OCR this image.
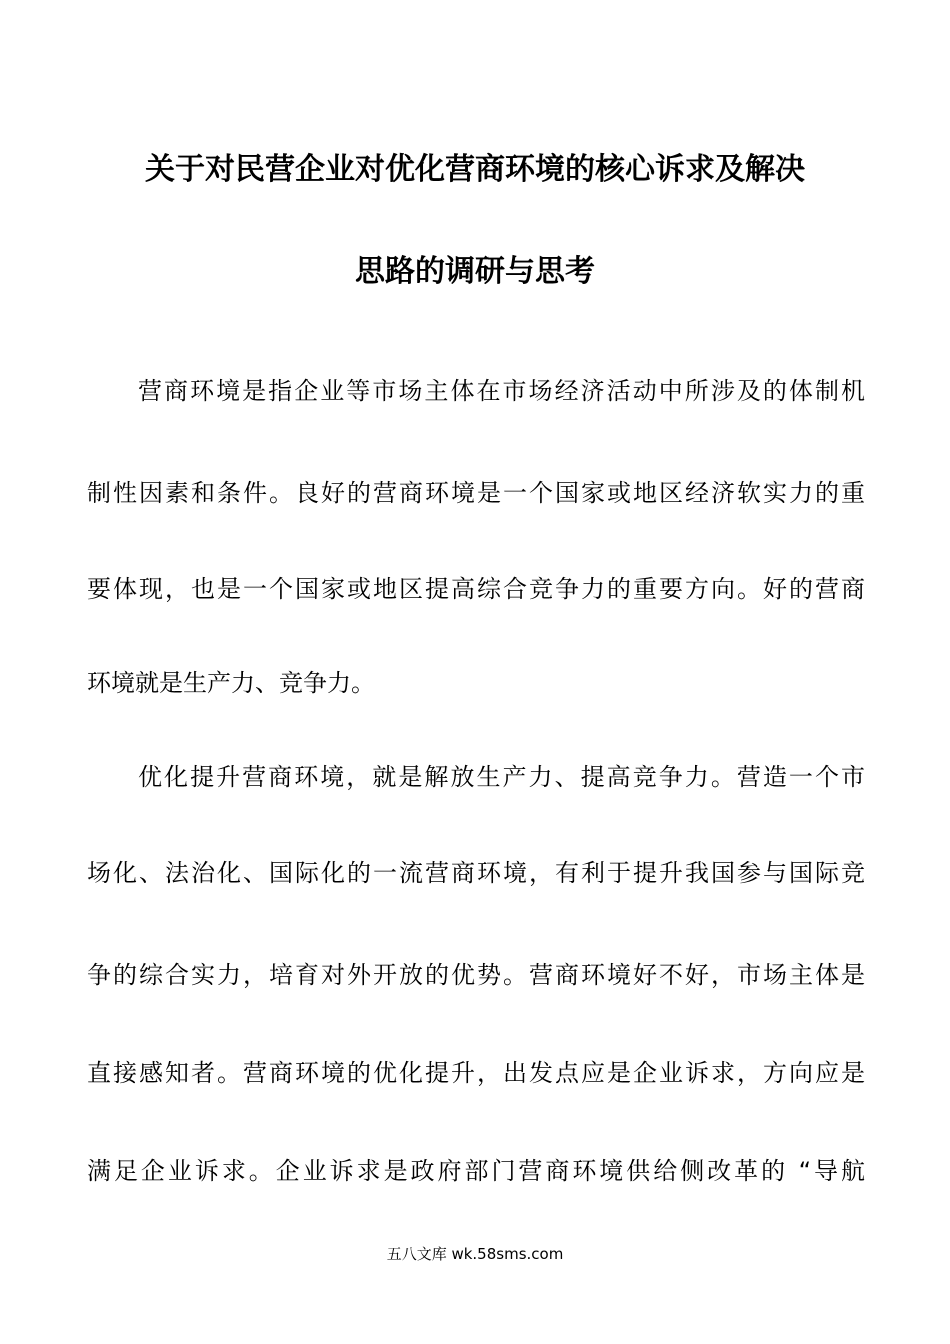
关于对民营企业对优化营商环境的核心诉求及解决
思路的调研与思考
营商环境是指企业等市场主体在市场经济活动中所涉及的体制机
制性因素和条件。良好的营商环境是一个国家或地区经济软实力的重
要体现，也是一个国家或地区提高综合竞争力的重要方向。好的营商
环境就是生产力、竞争力。
优化提升营商环境，就是解放生产力、提高竞争力。营造一个市
场化、法治化、国际化的一流营商环境，有利于提升我国参与国际竞
争的综合实力，培育对外开放的优势。营商环境好不好，市场主体是
直接感知者。营商环境的优化提升，出发点应是企业诉求，方向应是
满足企业诉求。企业诉求是政府部门营商环境供给侧改革的 “导航
五八文库 wk.58sms.com
